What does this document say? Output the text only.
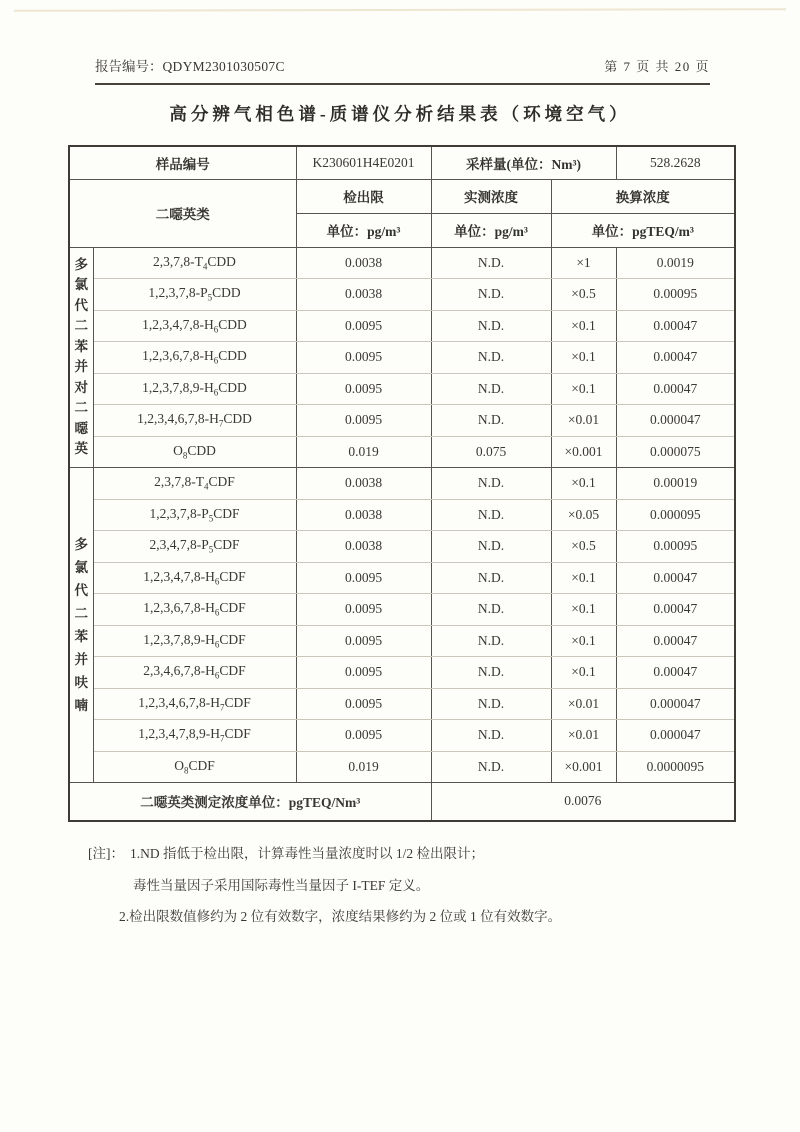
报告编号：QDYM2301030507C	第 7 页 共 20 页
高分辨气相色谱-质谱仪分析结果表（环境空气）
样品编号		K230601H4E0201	采样量(单位：Nm³)		528.2628
二噁英类		检出限	实测浓度	换算浓度	
		单位：pg/m³	单位：pg/m³	单位：pgTEQ/m³	

多氯代二苯并对二噁英	$2,3,7,8-T_4CDD$	0.0038	N.D.	×1	0.0019
	$1,2,3,7,8-P_5CDD$	0.0038	N.D.	×0.5	0.00095
	$1,2,3,4,7,8-H_6CDD$	0.0095	N.D.	×0.1	0.00047
	$1,2,3,6,7,8-H_6CDD$	0.0095	N.D.	×0.1	0.00047
	$1,2,3,7,8,9-H_6CDD$	0.0095	N.D.	×0.1	0.00047
	$1,2,3,4,6,7,8-H_7CDD$	0.0095	N.D.	×0.01	0.000047
	$O_8CDD$	0.019	0.075	×0.001	0.000075

多氯代二苯并呋喃	$2,3,7,8-T_4CDF$	0.0038	N.D.	×0.1	0.00019
	$1,2,3,7,8-P_5CDF$	0.0038	N.D.	×0.05	0.000095
	$2,3,4,7,8-P_5CDF$	0.0038	N.D.	×0.5	0.00095
	$1,2,3,4,7,8-H_6CDF$	0.0095	N.D.	×0.1	0.00047
	$1,2,3,6,7,8-H_6CDF$	0.0095	N.D.	×0.1	0.00047
	$1,2,3,7,8,9-H_6CDF$	0.0095	N.D.	×0.1	0.00047
	$2,3,4,6,7,8-H_6CDF$	0.0095	N.D.	×0.1	0.00047
	$1,2,3,4,6,7,8-H_7CDF$	0.0095	N.D.	×0.01	0.000047
	$1,2,3,4,7,8,9-H_7CDF$	0.0095	N.D.	×0.01	0.000047
	$O_8CDF$	0.019	N.D.	×0.001	0.0000095
二噁英类测定浓度单位：pgTEQ/Nm³			0.0076		
[注]： 1.ND 指低于检出限，计算毒性当量浓度时以 1/2 检出限计；
毒性当量因子采用国际毒性当量因子 I-TEF 定义。
2.检出限数值修约为 2 位有效数字，浓度结果修约为 2 位或 1 位有效数字。
